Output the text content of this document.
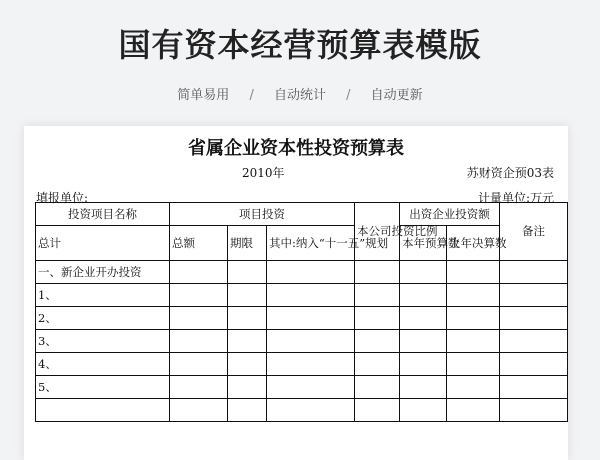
国有资本经营预算表模版
简单易用 / 自动统计 / 自动更新
省属企业资本性投资预算表
2010年	苏财资企预03表
填报单位:	计量单位:万元
投资项目名称	项目投资			本公司投资比例	出资企业投资额		备注
总计	总额	期限	其中:纳入“十一五”规划		本年预算数	上年决算数	
一、新企业开办投资							
1、							
2、							
3、							
4、							
5、							
